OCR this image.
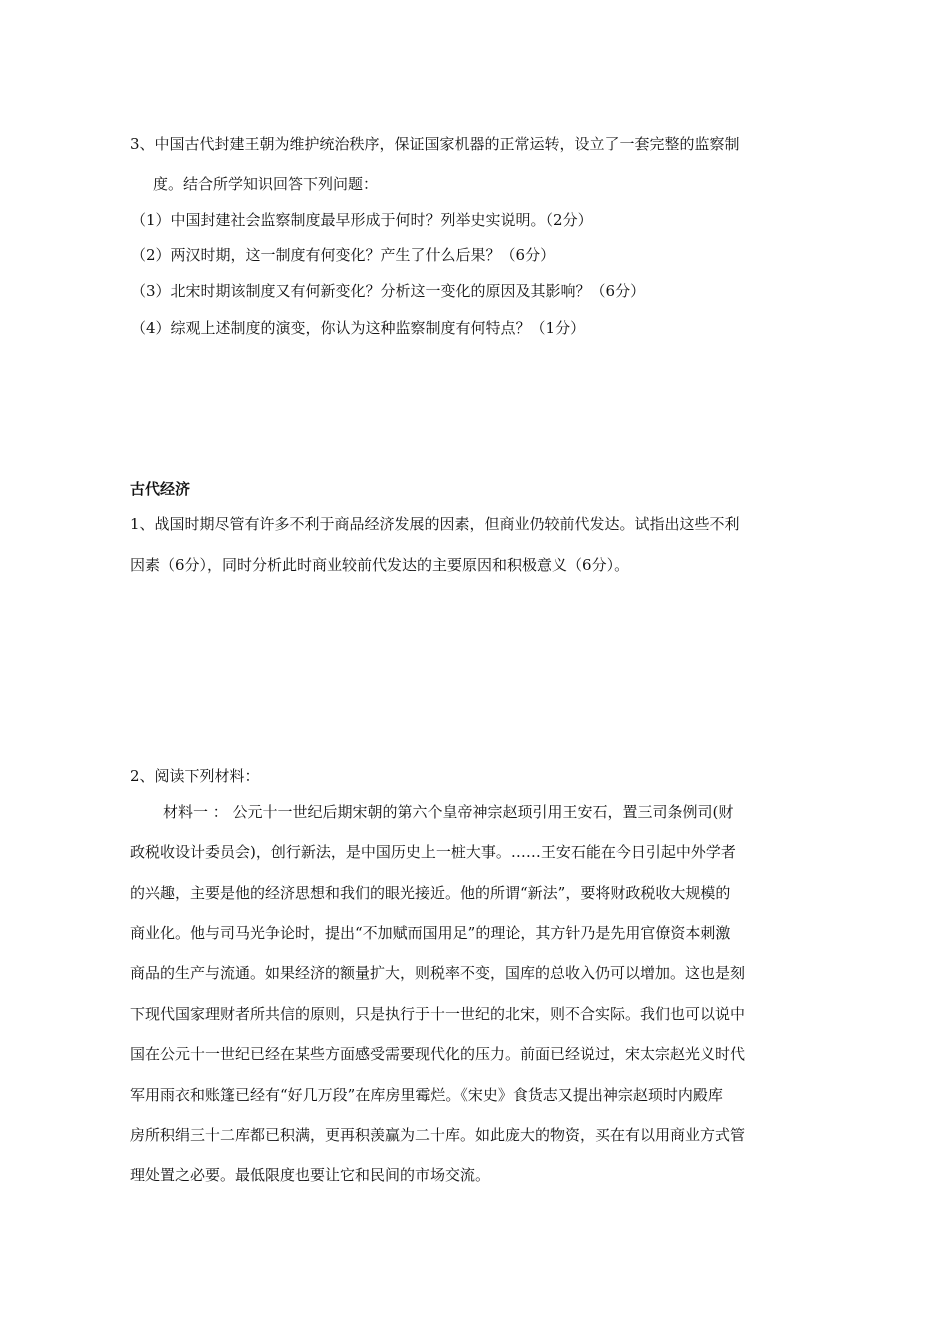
3、中国古代封建王朝为维护统治秩序，保证国家机器的正常运转，设立了一套完整的监察制
度。结合所学知识回答下列问题：
（1）中国封建社会监察制度最早形成于何时？列举史实说明。（2分）
（2）两汉时期，这一制度有何变化？产生了什么后果？（6分）
（3）北宋时期该制度又有何新变化？分析这一变化的原因及其影响？（6分）
（4）综观上述制度的演变，你认为这种监察制度有何特点？（1分）
古代经济
1、战国时期尽管有许多不利于商品经济发展的因素，但商业仍较前代发达。试指出这些不利
因素（6分），同时分析此时商业较前代发达的主要原因和积极意义（6分）。
2、阅读下列材料：
材料一 ： 公元十一世纪后期宋朝的第六个皇帝神宗赵顼引用王安石，置三司条例司(财
政税收设计委员会)，创行新法，是中国历史上一桩大事。……王安石能在今日引起中外学者
的兴趣，主要是他的经济思想和我们的眼光接近。他的所谓“新法”，要将财政税收大规模的
商业化。他与司马光争论时，提出“不加赋而国用足”的理论，其方针乃是先用官僚资本刺激
商品的生产与流通。如果经济的额量扩大，则税率不变，国库的总收入仍可以增加。这也是刻
下现代国家理财者所共信的原则，只是执行于十一世纪的北宋，则不合实际。我们也可以说中
国在公元十一世纪已经在某些方面感受需要现代化的压力。前面已经说过，宋太宗赵光义时代
军用雨衣和账篷已经有“好几万段”在库房里霉烂。《宋史》食货志又提出神宗赵顼时内殿库
房所积绢三十二库都已积满，更再积羡赢为二十库。如此庞大的物资，买在有以用商业方式管
理处置之必要。最低限度也要让它和民间的市场交流。
